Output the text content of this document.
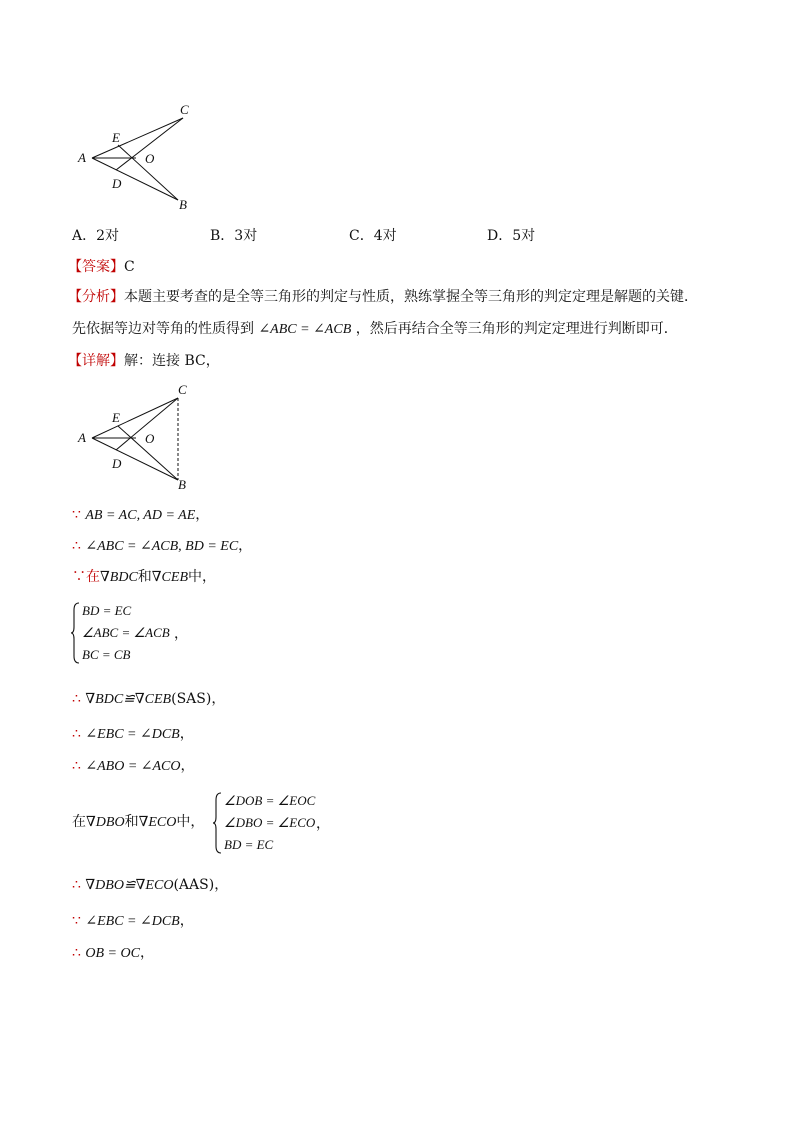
A
C
E
O
D
B
A．2对	B．3对	C．4对	D．5对
【答案】C
【分析】本题主要考查的是全等三角形的判定与性质，熟练掌握全等三角形的判定定理是解题的关键．
先依据等边对等角的性质得到 ∠ABC = ∠ACB ，然后再结合全等三角形的判定定理进行判断即可．
【详解】解：连接 BC，
A
C
E
O
D
B
∵ AB = AC, AD = AE，
∴ ∠ABC = ∠ACB, BD = EC，
∵在∇BDC和∇CEB中，
BD = EC
∠ABC = ∠ACB
BC = CB
，
∴ ∇BDC≌∇CEB(SAS)，
∴ ∠EBC = ∠DCB，
∴ ∠ABO = ∠ACO，
在∇DBO和∇ECO中，
∠DOB = ∠EOC
∠DBO = ∠ECO
BD = EC
，
∴ ∇DBO≌∇ECO(AAS)，
∵ ∠EBC = ∠DCB，
∴ OB = OC，
